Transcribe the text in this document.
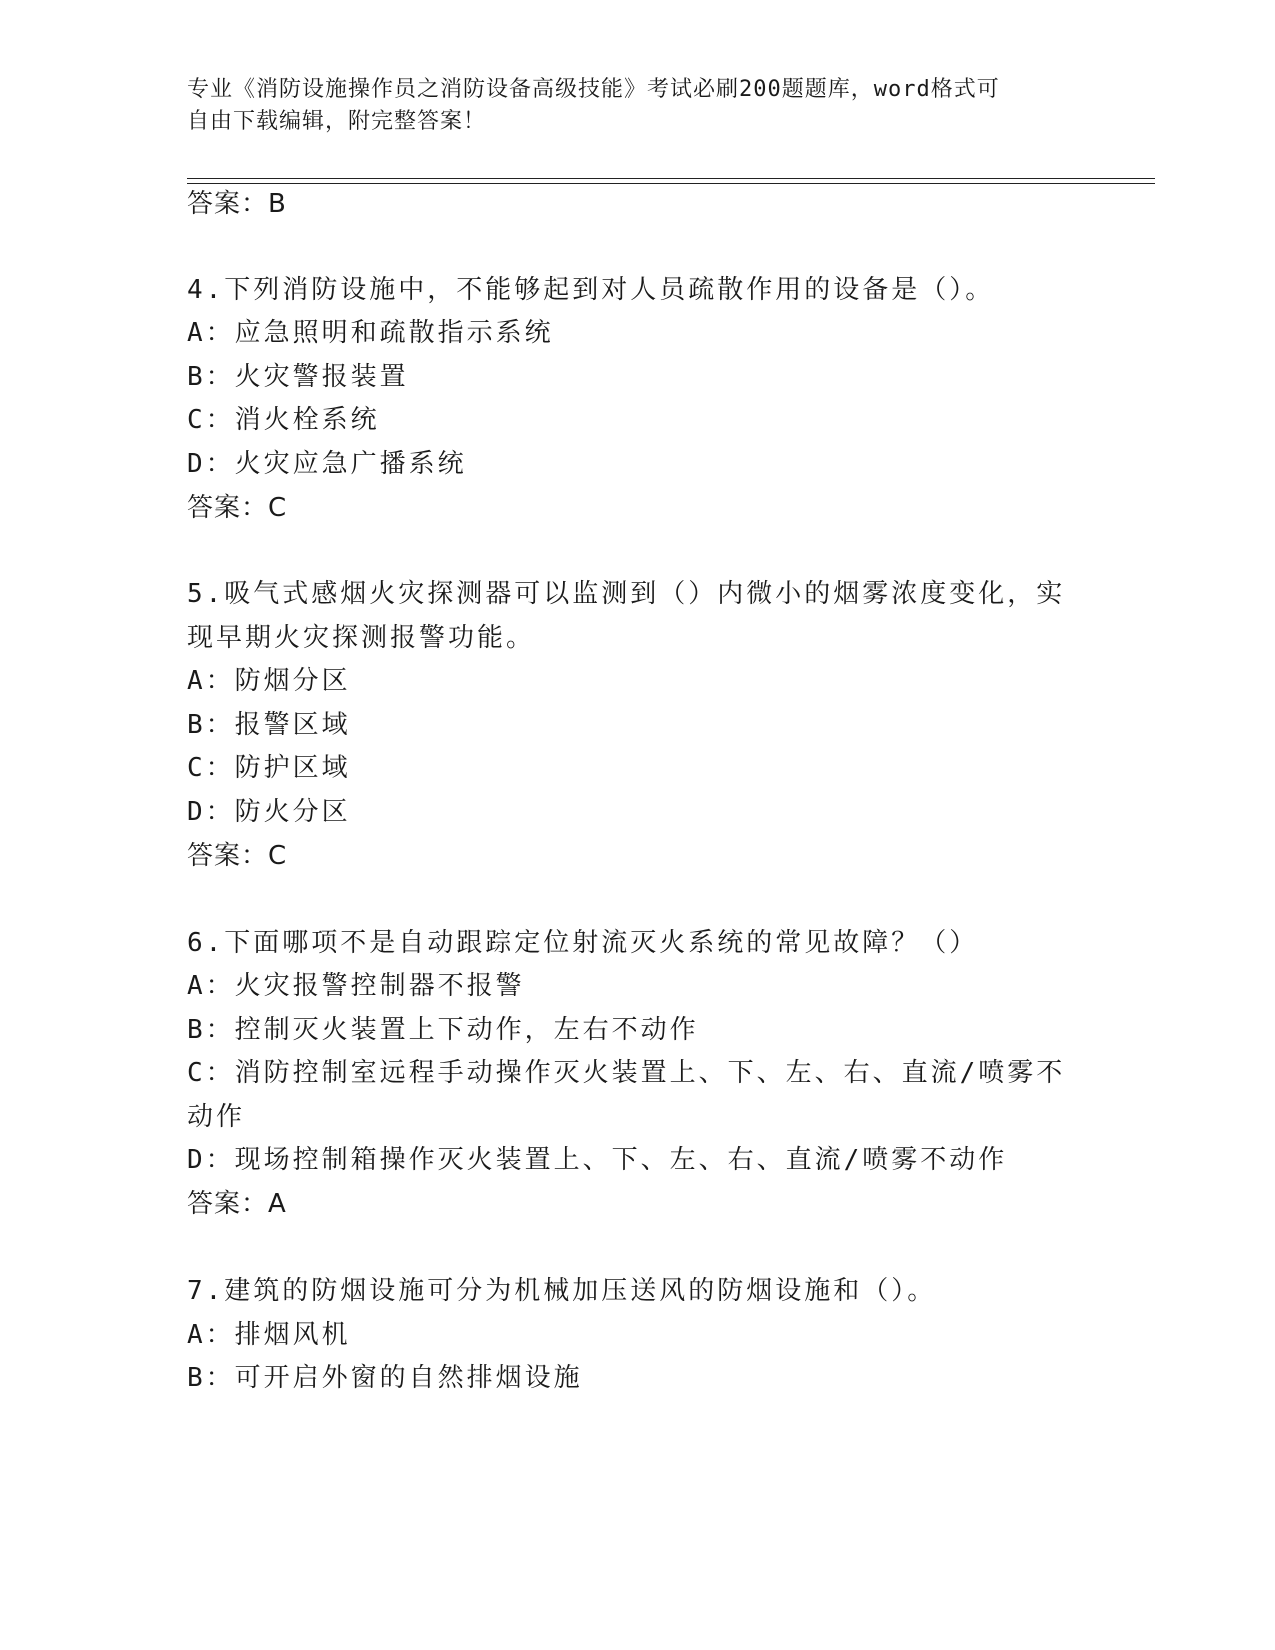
专业《消防设施操作员之消防设备高级技能》考试必刷200题题库，word格式可
自由下载编辑，附完整答案！
答案：B
4.下列消防设施中，不能够起到对人员疏散作用的设备是（）。
A：应急照明和疏散指示系统
B：火灾警报装置
C：消火栓系统
D：火灾应急广播系统
答案：C
5.吸气式感烟火灾探测器可以监测到（）内微小的烟雾浓度变化，实
现早期火灾探测报警功能。
A：防烟分区
B：报警区域
C：防护区域
D：防火分区
答案：C
6.下面哪项不是自动跟踪定位射流灭火系统的常见故障？（）
A：火灾报警控制器不报警
B：控制灭火装置上下动作，左右不动作
C：消防控制室远程手动操作灭火装置上、下、左、右、直流/喷雾不
动作
D：现场控制箱操作灭火装置上、下、左、右、直流/喷雾不动作
答案：A
7.建筑的防烟设施可分为机械加压送风的防烟设施和（）。
A：排烟风机
B：可开启外窗的自然排烟设施
